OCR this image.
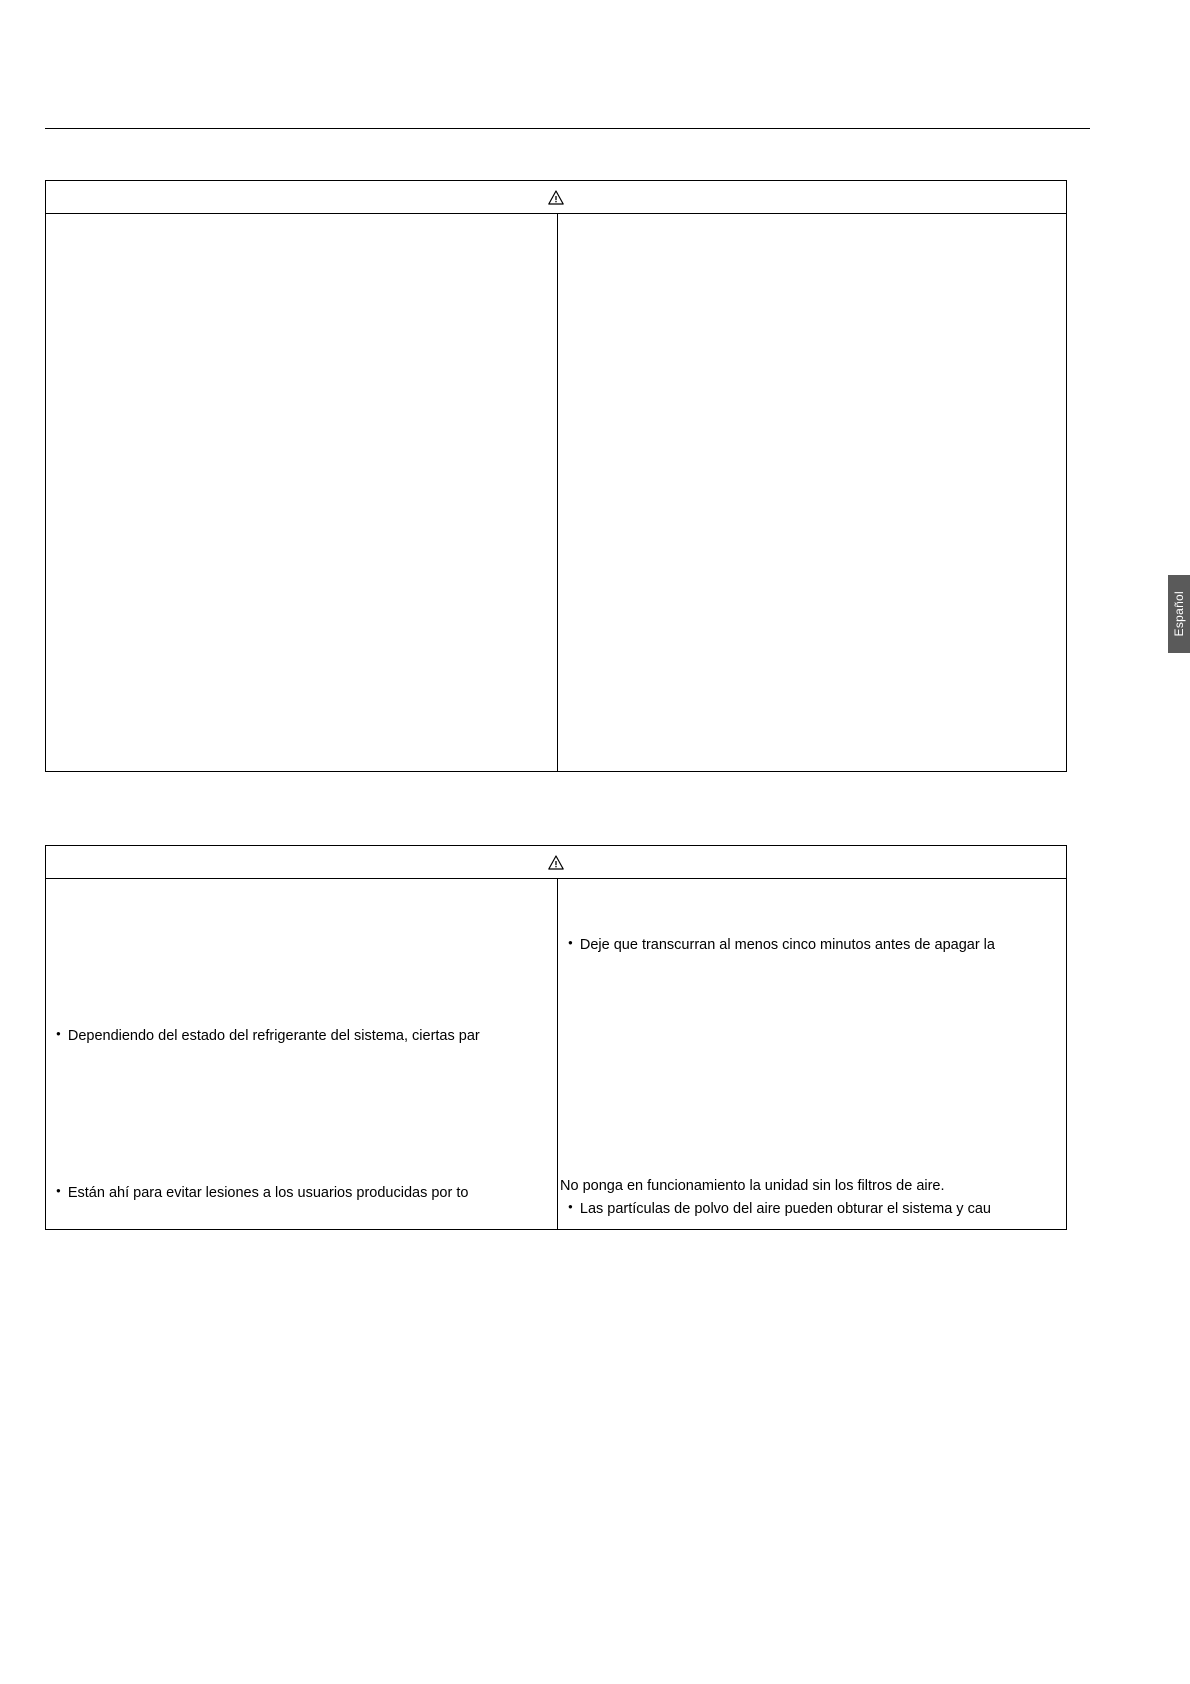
Español
● Dependiendo del estado del refrigerante del sistema, ciertas par
● Están ahí para evitar lesiones a los usuarios producidas por to
● Deje que transcurran al menos cinco minutos antes de apagar la
No ponga en funcionamiento la unidad sin los filtros de aire.
● Las partículas de polvo del aire pueden obturar el sistema y cau
